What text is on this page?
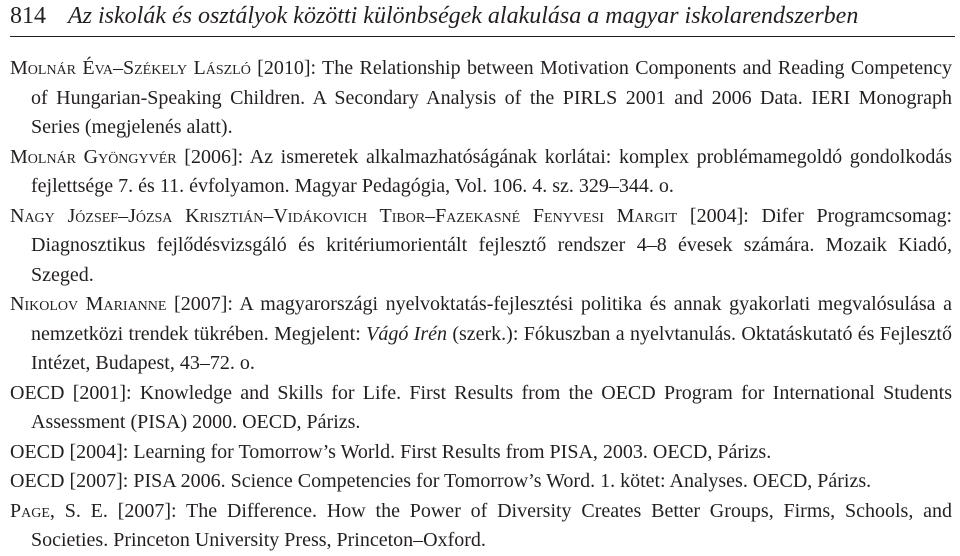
814 Az iskolák és osztályok közötti különbségek alakulása a magyar iskolarendszerben

Molnár Éva–Székely László [2010]: The Relationship between Motivation Components and Reading Competency of Hungarian-Speaking Children. A Secondary Analysis of the PIRLS 2001 and 2006 Data. IERI Monograph Series (megjelenés alatt).

Molnár Gyöngyvér [2006]: Az ismeretek alkalmazhatóságának korlátai: komplex problémamegoldó gondolkodás fejlettsége 7. és 11. évfolyamon. Magyar Pedagógia, Vol. 106. 4. sz. 329–344. o.

Nagy József–Józsa Krisztián–Vidákovich Tibor–Fazekasné Fenyvesi Margit [2004]: Difer Programcsomag: Diagnosztikus fejlődésvizsgáló és kritériumorientált fejlesztő rendszer 4–8 évesek számára. Mozaik Kiadó, Szeged.

Nikolov Marianne [2007]: A magyarországi nyelvoktatás-fejlesztési politika és annak gyakorlati megvalósulása a nemzetközi trendek tükrében. Megjelent: Vágó Irén (szerk.): Fókuszban a nyelvtanulás. Oktatáskutató és Fejlesztő Intézet, Budapest, 43–72. o.

OECD [2001]: Knowledge and Skills for Life. First Results from the OECD Program for International Students Assessment (PISA) 2000. OECD, Párizs.

OECD [2004]: Learning for Tomorrow’s World. First Results from PISA, 2003. OECD, Párizs.

OECD [2007]: PISA 2006. Science Competencies for Tomorrow’s Word. 1. kötet: Analyses. OECD, Párizs.

Page, S. E. [2007]: The Difference. How the Power of Diversity Creates Better Groups, Firms, Schools, and Societies. Princeton University Press, Princeton–Oxford.
